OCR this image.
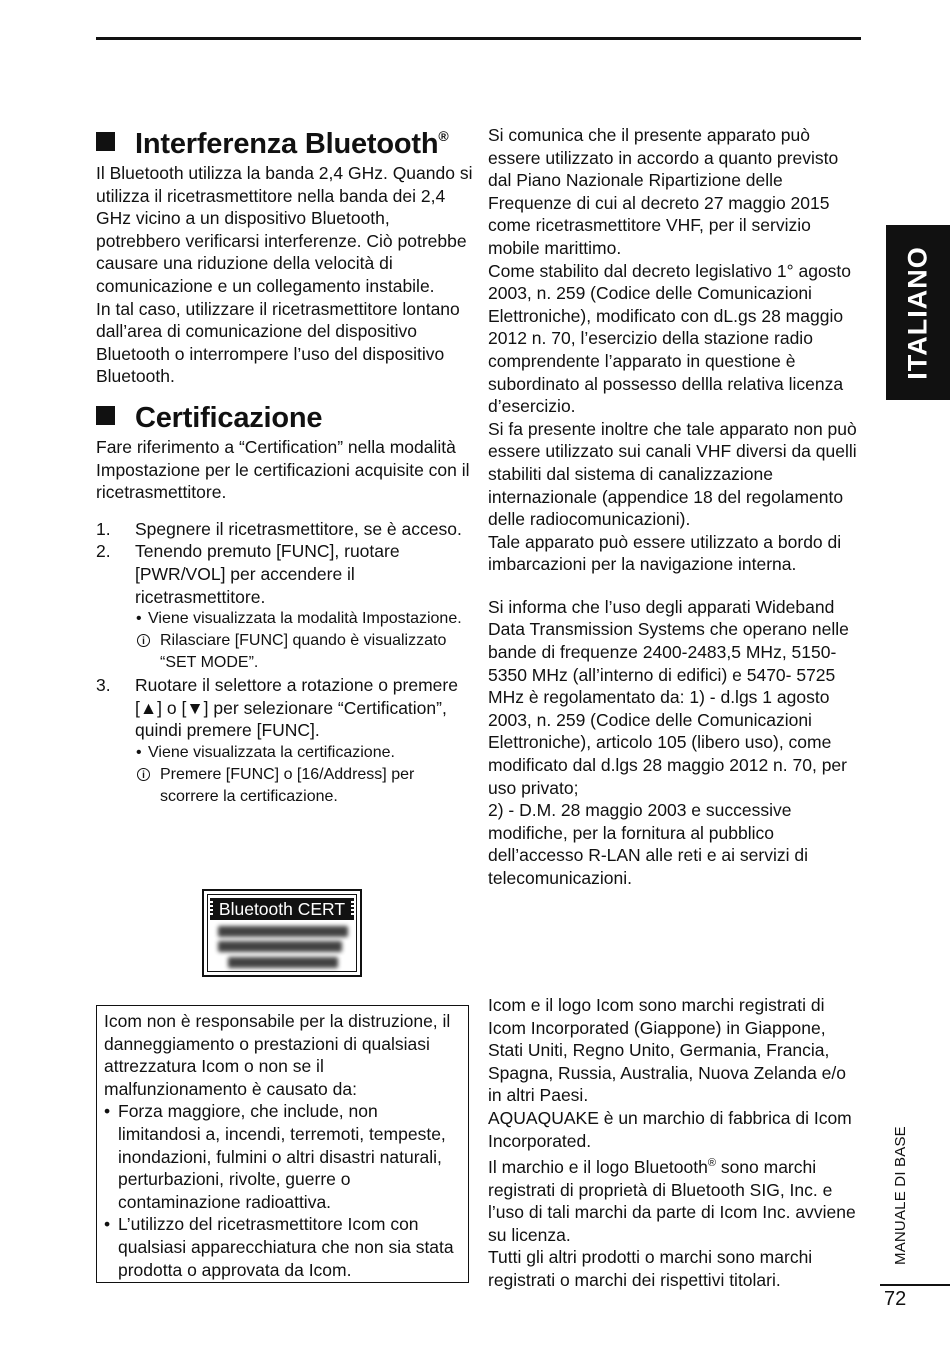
Interferenza Bluetooth®

Il Bluetooth utilizza la banda 2,4 GHz. Quando si utilizza il ricetrasmettitore nella banda dei 2,4 GHz vicino a un dispositivo Bluetooth, potrebbero verificarsi interferenze. Ciò potrebbe causare una riduzione della velocità di comunicazione e un collegamento instabile.

In tal caso, utilizzare il ricetrasmettitore lontano dall’area di comunicazione del dispositivo Bluetooth o interrompere l’uso del dispositivo Bluetooth.

Certificazione

Fare riferimento a “Certification” nella modalità Impostazione per le certificazioni acquisite con il ricetrasmettitore.

1. Spegnere il ricetrasmettitore, se è acceso.
2. Tenendo premuto [FUNC], ruotare [PWR/VOL] per accendere il ricetrasmettitore.
• Viene visualizzata la modalità Impostazione.
i Rilasciare [FUNC] quando è visualizzato “SET MODE”.
3. Ruotare il selettore a rotazione o premere [▲] o [▼] per selezionare “Certification”, quindi premere [FUNC].
• Viene visualizzata la certificazione.
i Premere [FUNC] o [16/Address] per scorrere la certificazione.
Bluetooth CERT
Icom non è responsabile per la distruzione, il danneggiamento o prestazioni di qualsiasi attrezzatura Icom o non se il malfunzionamento è causato da:
• Forza maggiore, che include, non limitandosi a, incendi, terremoti, tempeste, inondazioni, fulmini o altri disastri naturali, perturbazioni, rivolte, guerre o contaminazione radioattiva.
• L’utilizzo del ricetrasmettitore Icom con qualsiasi apparecchiatura che non sia stata prodotta o approvata da Icom.

Si comunica che il presente apparato può essere utilizzato in accordo a quanto previsto dal Piano Nazionale Ripartizione delle Frequenze di cui al decreto 27 maggio 2015 come ricetrasmettitore VHF, per il servizio mobile marittimo.

Come stabilito dal decreto legislativo 1° agosto 2003, n. 259 (Codice delle Comunicazioni Elettroniche), modificato con dL.gs 28 maggio 2012 n. 70, l’esercizio della stazione radio comprendente l’apparato in questione è subordinato al possesso dellla relativa licenza d’esercizio.

Si fa presente inoltre che tale apparato non può essere utilizzato sui canali VHF diversi da quelli stabiliti dal sistema di canalizzazione internazionale (appendice 18 del regolamento delle radiocomunicazioni).

Tale apparato può essere utilizzato a bordo di imbarcazioni per la navigazione interna.

Si informa che l’uso degli apparati Wideband Data Transmission Systems che operano nelle bande di frequenze 2400-2483,5 MHz, 5150-5350 MHz (all’interno di edifici) e 5470- 5725 MHz è regolamentato da: 1) - d.lgs 1 agosto 2003, n. 259 (Codice delle Comunicazioni Elettroniche), articolo 105 (libero uso), come modificato dal d.lgs 28 maggio 2012 n. 70, per uso privato;

2) - D.M. 28 maggio 2003 e successive modifiche, per la fornitura al pubblico dell’accesso R-LAN alle reti e ai servizi di telecomunicazioni.

Icom e il logo Icom sono marchi registrati di Icom Incorporated (Giappone) in Giappone, Stati Uniti, Regno Unito, Germania, Francia, Spagna, Russia, Australia, Nuova Zelanda e/o in altri Paesi.

AQUAQUAKE è un marchio di fabbrica di Icom Incorporated.

Il marchio e il logo Bluetooth® sono marchi registrati di proprietà di Bluetooth SIG, Inc. e l’uso di tali marchi da parte di Icom Inc. avviene su licenza.

Tutti gli altri prodotti o marchi sono marchi registrati o marchi dei rispettivi titolari.

ITALIANO
MANUALE DI BASE
72
